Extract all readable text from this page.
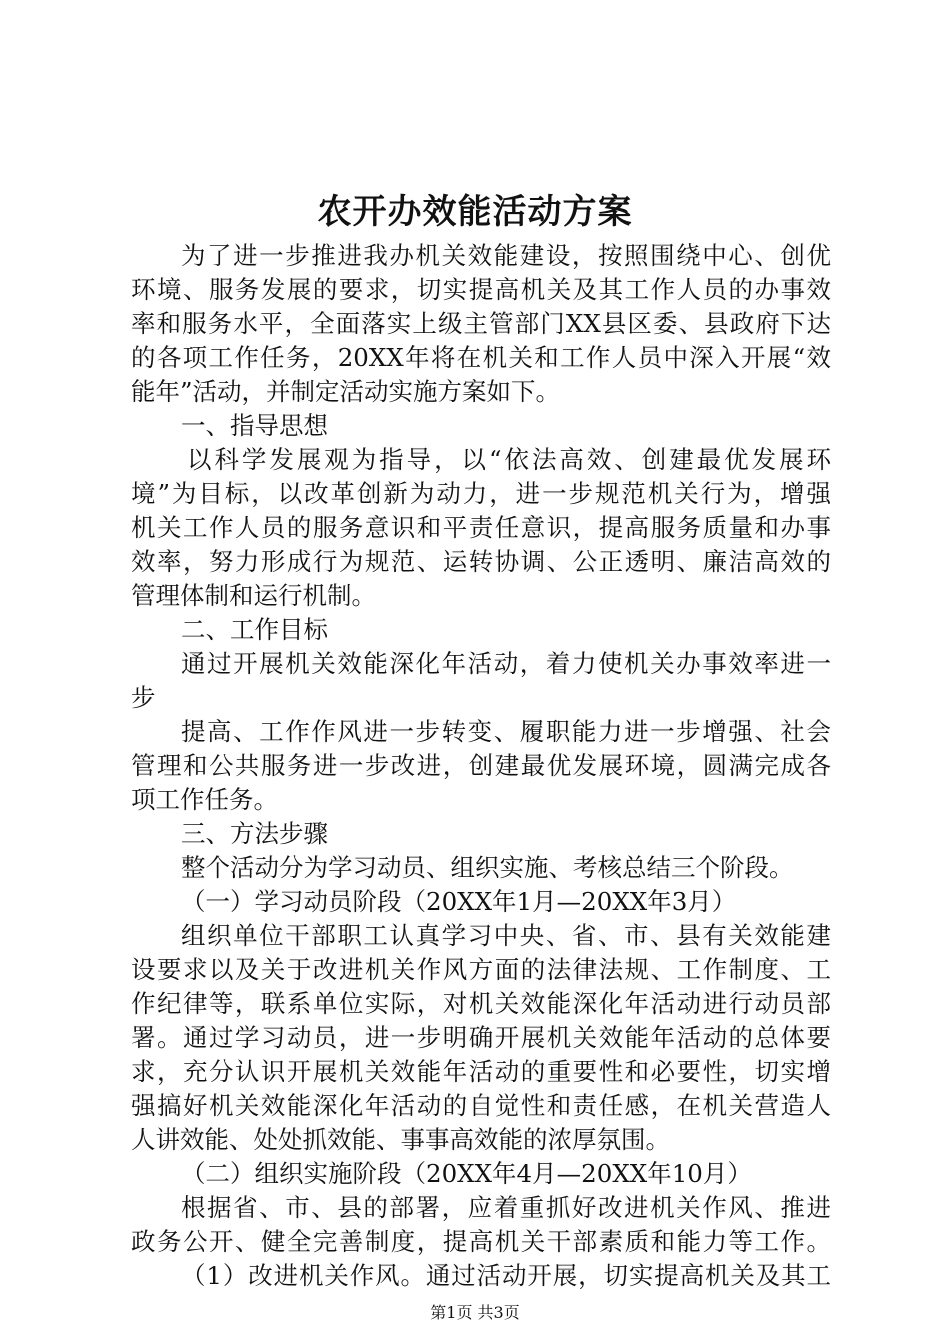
农开办效能活动方案
为了进一步推进我办机关效能建设，按照围绕中心、创优
环境、服务发展的要求，切实提高机关及其工作人员的办事效
率和服务水平，全面落实上级主管部门XX县区委、县政府下达
的各项工作任务，20XX年将在机关和工作人员中深入开展“效
能年”活动，并制定活动实施方案如下。
一、指导思想
以科学发展观为指导，以“依法高效、创建最优发展环
境”为目标，以改革创新为动力，进一步规范机关行为，增强
机关工作人员的服务意识和平责任意识，提高服务质量和办事
效率，努力形成行为规范、运转协调、公正透明、廉洁高效的
管理体制和运行机制。
二、工作目标
通过开展机关效能深化年活动，着力使机关办事效率进一
步
提高、工作作风进一步转变、履职能力进一步增强、社会
管理和公共服务进一步改进，创建最优发展环境，圆满完成各
项工作任务。
三、方法步骤
整个活动分为学习动员、组织实施、考核总结三个阶段。
（一）学习动员阶段（20XX年1月—20XX年3月）
组织单位干部职工认真学习中央、省、市、县有关效能建
设要求以及关于改进机关作风方面的法律法规、工作制度、工
作纪律等，联系单位实际，对机关效能深化年活动进行动员部
署。通过学习动员，进一步明确开展机关效能年活动的总体要
求，充分认识开展机关效能年活动的重要性和必要性，切实增
强搞好机关效能深化年活动的自觉性和责任感，在机关营造人
人讲效能、处处抓效能、事事高效能的浓厚氛围。
（二）组织实施阶段（20XX年4月—20XX年10月）
根据省、市、县的部署，应着重抓好改进机关作风、推进
政务公开、健全完善制度，提高机关干部素质和能力等工作。
（1）改进机关作风。通过活动开展，切实提高机关及其工
第1页 共3页
